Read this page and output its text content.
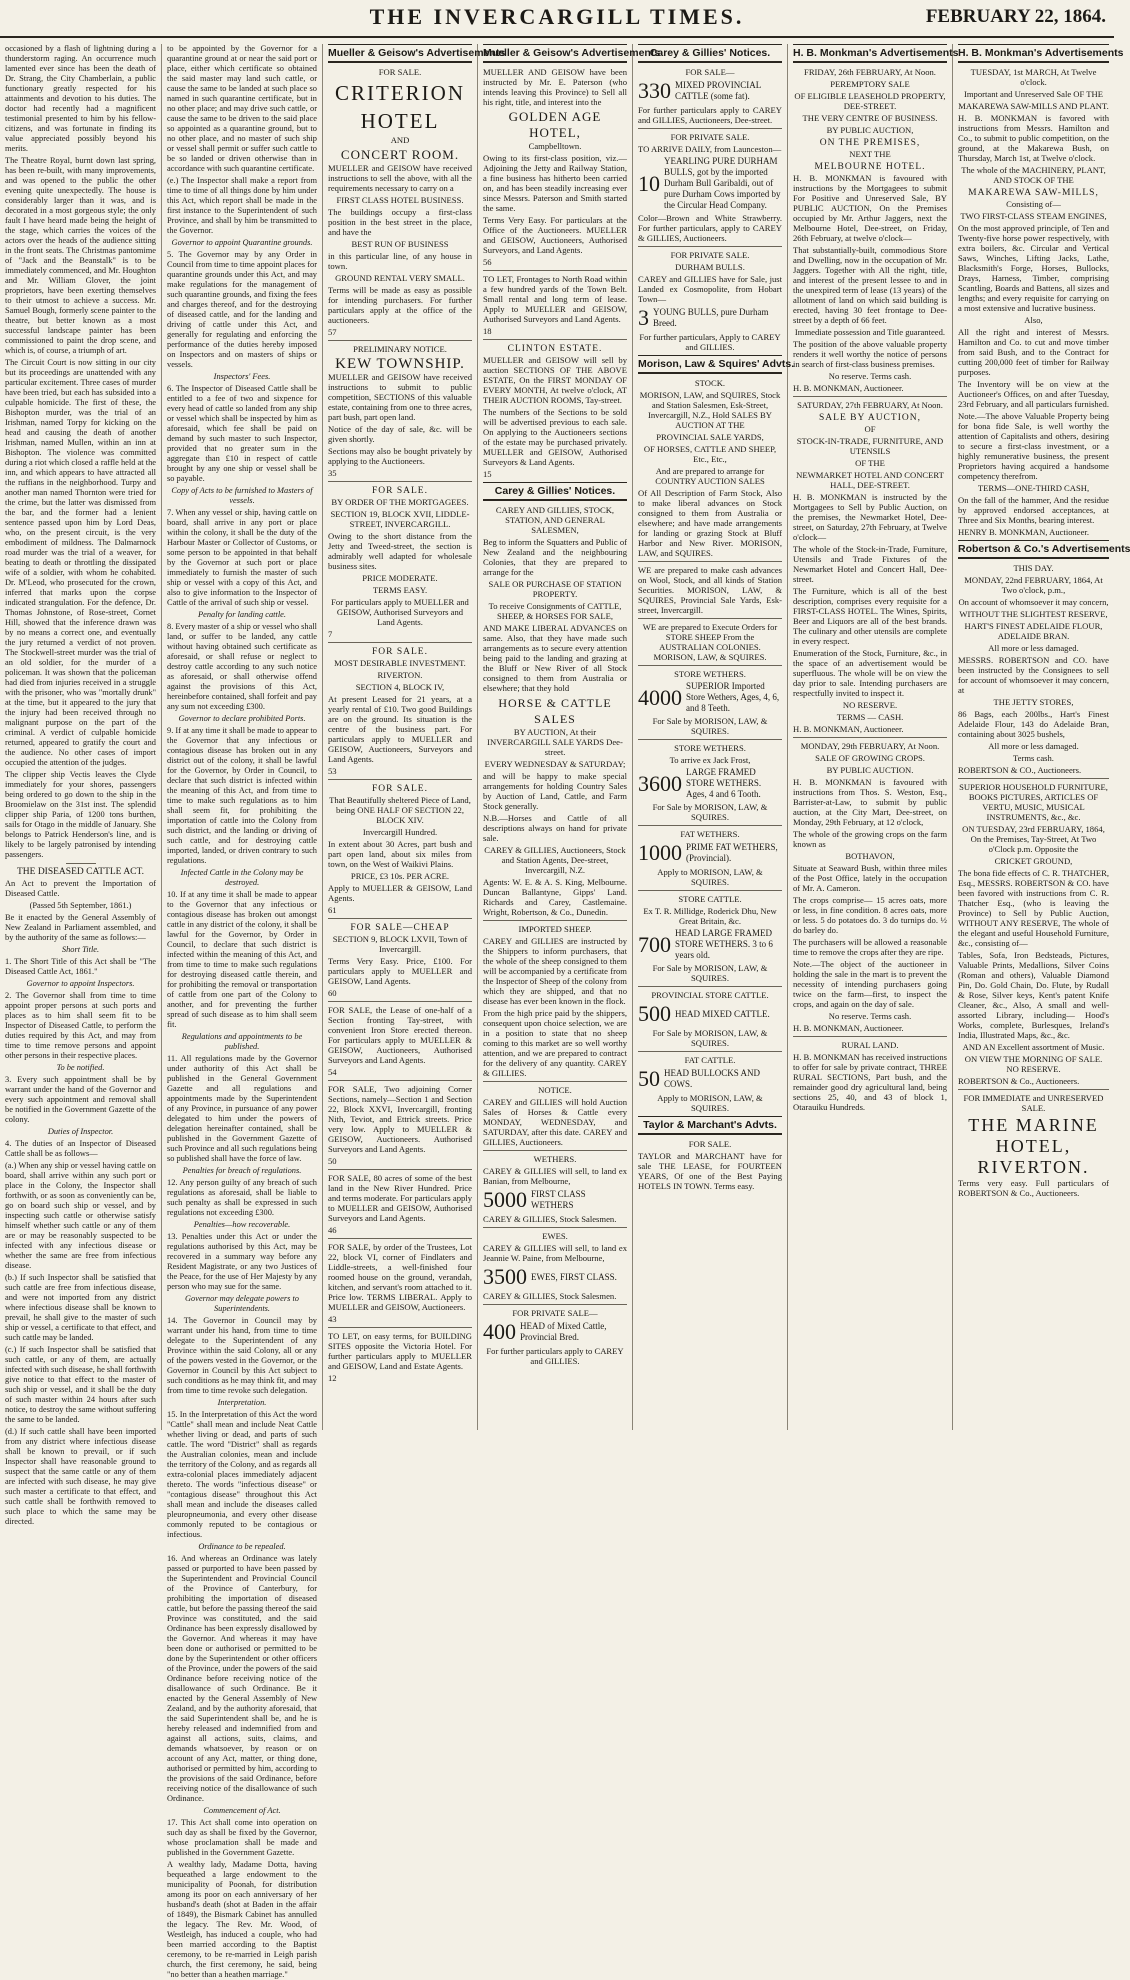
THE INVERCARGILL TIMES.	FEBRUARY 22, 1864.

occasioned by a flash of lightning during a thunderstorm raging. An occurrence much lamented ever since has been the death of Dr. Strang, the City Chamberlain, a public functionary greatly respected for his attainments and devotion to his duties. The doctor had recently had a magnificent testimonial presented to him by his fellow-citizens, and was fortunate in finding its value appreciated possibly beyond his merits.

The Theatre Royal, burnt down last spring, has been re-built, with many improvements, and was opened to the public the other evening quite unexpectedly. The house is considerably larger than it was, and is decorated in a most gorgeous style; the only fault I have heard made being the height of the stage, which carries the voices of the actors over the heads of the audience sitting in the front seats. The Christmas pantomime of "Jack and the Beanstalk" is to be immediately commenced, and Mr. Houghton and Mr. William Glover, the joint proprietors, have been exerting themselves to their utmost to achieve a success. Mr. Samuel Bough, formerly scene painter to the theatre, but better known as a most successful landscape painter has been commissioned to paint the drop scene, and which is, of course, a triumph of art.

The Circuit Court is now sitting in our city but its proceedings are unattended with any particular excitement. Three cases of murder have been tried, but each has subsided into a culpable homicide. The first of these, the Bishopton murder, was the trial of an Irishman, named Torpy for kicking on the head and causing the death of another Irishman, named Mullen, within an inn at Bishopton. The violence was committed during a riot which closed a raffle held at the inn, and which appears to have attracted all the ruffians in the neighborhood. Turpy and another man named Thornton were tried for the crime, but the latter was dismissed from the bar, and the former had a lenient sentence passed upon him by Lord Deas, who, on the present circuit, is the very embodiment of mildness. The Dalmarnock road murder was the trial of a weaver, for beating to death or throttling the dissipated wife of a soldier, with whom he cohabited. Dr. M'Leod, who prosecuted for the crown, inferred that marks upon the corpse indicated strangulation. For the defence, Dr. Thomas Johnstone, of Rose-street, Cornet Hill, showed that the inference drawn was by no means a correct one, and eventually the jury returned a verdict of not proven. The Stockwell-street murder was the trial of an old soldier, for the murder of a policeman. It was shown that the policeman had died from injuries received in a struggle with the prisoner, who was "mortally drunk" at the time, but it appeared to the jury that the injury had been received through no malignant purpose on the part of the criminal. A verdict of culpable homicide returned, appeared to gratify the court and the audience. No other cases of import occupied the attention of the judges.

The clipper ship Vectis leaves the Clyde immediately for your shores, passengers being ordered to go down to the ship in the Broomielaw on the 31st inst. The splendid clipper ship Paria, of 1200 tons burthen, sails for Otago in the middle of January. She belongs to Patrick Henderson's line, and is likely to be largely patronised by intending passengers.

THE DISEASED CATTLE ACT.

An Act to prevent the Importation of Diseased Cattle.

(Passed 5th September, 1861.)

Be it enacted by the General Assembly of New Zealand in Parliament assembled, and by the authority of the same as follows:—

Short Title.

1. The Short Title of this Act shall be "The Diseased Cattle Act, 1861."

Governor to appoint Inspectors.

2. The Governor shall from time to time appoint proper persons at such ports and places as to him shall seem fit to be Inspector of Diseased Cattle, to perform the duties required by this Act, and may from time to time remove persons and appoint other persons in their respective places.

To be notified.

3. Every such appointment shall be by warrant under the hand of the Governor and every such appointment and removal shall be notified in the Government Gazette of the colony.

Duties of Inspector.

4. The duties of an Inspector of Diseased Cattle shall be as follows—

(a.) When any ship or vessel having cattle on board, shall arrive within any such port or place in the Colony, the Inspector shall forthwith, or as soon as conveniently can be, go on board such ship or vessel, and by inspecting such cattle or otherwise satisfy himself whether such cattle or any of them are or may be reasonably suspected to be infected with any infectious disease or whether the same are free from infectious disease.

(b.) If such Inspector shall be satisfied that such cattle are free from infectious disease, and were not imported from any district where infectious disease shall be known to prevail, he shall give to the master of such ship or vessel, a certificate to that effect, and such cattle may be landed.

(c.) If such Inspector shall be satisfied that such cattle, or any of them, are actually infected with such disease, he shall forthwith give notice to that effect to the master of such ship or vessel, and it shall be the duty of such master within 24 hours after such notice, to destroy the same without suffering the same to be landed.

(d.) If such cattle shall have been imported from any district where infectious disease shall be known to prevail, or if such Inspector shall have reasonable ground to suspect that the same cattle or any of them are infected with such disease, he may give such master a certificate to that effect, and such cattle shall be forthwith removed to such place to which the same may be directed.

to be appointed by the Governor for a quarantine ground at or near the said port or place, either which certificate so obtained the said master may land such cattle, or cause the same to be landed at such place so named in such quarantine certificate, but in no other place; and may drive such cattle, or cause the same to be driven to the said place so appointed as a quarantine ground, but to no other place, and no master of such ship or vessel shall permit or suffer such cattle to be so landed or driven otherwise than in accordance with such quarantine certificate.

(e.) The Inspector shall make a report from time to time of all things done by him under this Act, which report shall be made in the first instance to the Superintendent of such Province, and shall by him be transmitted to the Governor.

Governor to appoint Quarantine grounds.

5. The Governor may by any Order in Council from time to time appoint places for quarantine grounds under this Act, and may make regulations for the management of such quarantine grounds, and fixing the fees and charges thereof, and for the destroying of diseased cattle, and for the landing and driving of cattle under this Act, and generally for regulating and enforcing the performance of the duties hereby imposed on Inspectors and on masters of ships or vessels.

Inspectors' Fees.

6. The Inspector of Diseased Cattle shall be entitled to a fee of two and sixpence for every head of cattle so landed from any ship or vessel which shall be inspected by him as aforesaid, which fee shall be paid on demand by such master to such Inspector, provided that no greater sum in the aggregate than £10 in respect of cattle brought by any one ship or vessel shall be so payable.

Copy of Acts to be furnished to Masters of vessels.

7. When any vessel or ship, having cattle on board, shall arrive in any port or place within the colony, it shall be the duty of the Harbour Master or Collector of Customs, or some person to be appointed in that behalf by the Governor at such port or place immediately to furnish the master of such ship or vessel with a copy of this Act, and also to give information to the Inspector of Cattle of the arrival of such ship or vessel.

Penalty for landing cattle.

8. Every master of a ship or vessel who shall land, or suffer to be landed, any cattle without having obtained such certificate as aforesaid, or shall refuse or neglect to destroy cattle according to any such notice as aforesaid, or shall otherwise offend against the provisions of this Act, hereinbefore contained, shall forfeit and pay any sum not exceeding £300.

Governor to declare prohibited Ports.

9. If at any time it shall be made to appear to the Governor that any infectious or contagious disease has broken out in any district out of the colony, it shall be lawful for the Governor, by Order in Council, to declare that such district is infected within the meaning of this Act, and from time to time to make such regulations as to him shall seem fit, for prohibiting the importation of cattle into the Colony from such district, and the landing or driving of such cattle, and for destroying cattle imported, landed, or driven contrary to such regulations.

Infected Cattle in the Colony may be destroyed.

10. If at any time it shall be made to appear to the Governor that any infectious or contagious disease has broken out amongst cattle in any district of the colony, it shall be lawful for the Governor, by Order in Council, to declare that such district is infected within the meaning of this Act, and from time to time to make such regulations for destroying diseased cattle therein, and for prohibiting the removal or transportation of cattle from one part of the Colony to another, and for preventing the further spread of such disease as to him shall seem fit.

Regulations and appointments to be published.

11. All regulations made by the Governor under authority of this Act shall be published in the General Government Gazette and all regulations and appointments made by the Superintendent of any Province, in pursuance of any power delegated to him under the powers of delegation hereinafter contained, shall be published in the Government Gazette of such Province and all such regulations being so published shall have the force of law.

Penalties for breach of regulations.

12. Any person guilty of any breach of such regulations as aforesaid, shall be liable to such penalty as shall be expressed in such regulations not exceeding £300.

Penalties—how recoverable.

13. Penalties under this Act or under the regulations authorised by this Act, may be recovered in a summary way before any Resident Magistrate, or any two Justices of the Peace, for the use of Her Majesty by any person who may sue for the same.

Governor may delegate powers to Superintendents.

14. The Governor in Council may by warrant under his hand, from time to time delegate to the Superintendent of any Province within the said Colony, all or any of the powers vested in the Governor, or the Governor in Council by this Act subject to such conditions as he may think fit, and may from time to time revoke such delegation.

Interpretation.

15. In the Interpretation of this Act the word "Cattle" shall mean and include Neat Cattle whether living or dead, and parts of such cattle. The word "District" shall as regards the Australian colonies, mean and include the territory of the Colony, and as regards all extra-colonial places immediately adjacent thereto. The words "infectious disease" or "contagious disease" throughout this Act shall mean and include the diseases called pleuropneumonia, and every other disease commonly reputed to be contagious or infectious.

Ordinance to be repealed.

16. And whereas an Ordinance was lately passed or purported to have been passed by the Superintendent and Provincial Council of the Province of Canterbury, for prohibiting the importation of diseased cattle, but before the passing thereof the said Province was constituted, and the said Ordinance has been expressly disallowed by the Governor. And whereas it may have been done or authorised or permitted to be done by the Superintendent or other officers of the Province, under the powers of the said Ordinance before receiving notice of the disallowance of such Ordinance. Be it enacted by the General Assembly of New Zealand, and by the authority aforesaid, that the said Superintendent shall be, and he is hereby released and indemnified from and against all actions, suits, claims, and demands whatsoever, by reason or on account of any Act, matter, or thing done, authorised or permitted by him, according to the provisions of the said Ordinance, before receiving notice of the disallowance of such Ordinance.

Commencement of Act.

17. This Act shall come into operation on such day as shall be fixed by the Governor, whose proclamation shall be made and published in the Government Gazette.

A wealthy lady, Madame Dotta, having bequeathed a large endowment to the municipality of Poonah, for distribution among its poor on each anniversary of her husband's death (shot at Baden in the affair of 1849), the Bismark Cabinet has annulled the legacy. The Rev. Mr. Wood, of Westleigh, has induced a couple, who had been married according to the Baptist ceremony, to be re-married in Leigh parish church, the first ceremony, he said, being "no better than a heathen marriage."

Mueller & Geisow's Advertisements

FOR SALE.

CRITERION HOTEL

AND

CONCERT ROOM.

MUELLER and GEISOW have received instructions to sell the above, with all the requirements necessary to carry on a

FIRST CLASS HOTEL BUSINESS.

The buildings occupy a first-class position in the best street in the place, and have the

BEST RUN OF BUSINESS

in this particular line, of any house in town.

GROUND RENTAL VERY SMALL.

Terms will be made as easy as possible for intending purchasers. For further particulars apply at the office of the auctioneers.

57

PRELIMINARY NOTICE.

KEW TOWNSHIP.

MUELLER and GEISOW have received instructions to submit to public competition, SECTIONS of this valuable estate, containing from one to three acres, part bush, part open land.

Notice of the day of sale, &c. will be given shortly.

Sections may also be bought privately by applying to the Auctioneers.

35

FOR SALE.

BY ORDER OF THE MORTGAGEES.

SECTION 19, BLOCK XVII, LIDDLE-STREET, INVERCARGILL.

Owing to the short distance from the Jetty and Tweed-street, the section is admirably well adapted for wholesale business sites.

PRICE MODERATE.

TERMS EASY.

For particulars apply to MUELLER and GEISOW, Authorised Surveyors and Land Agents.

7

FOR SALE.

MOST DESIRABLE INVESTMENT.

RIVERTON.

SECTION 4, BLOCK IV,

At present Leased for 21 years, at a yearly rental of £10. Two good Buildings are on the ground. Its situation is the centre of the business part. For particulars apply to MUELLER and GEISOW, Auctioneers, Surveyors and Land Agents.

53

FOR SALE.

That Beautifully sheltered Piece of Land, being ONE HALF OF SECTION 22, BLOCK XIV.

Invercargill Hundred.

In extent about 30 Acres, part bush and part open land, about six miles from town, on the West of Waikivi Plains.

PRICE, £3 10s. PER ACRE.

Apply to MUELLER & GEISOW, Land Agents.

61

FOR SALE—CHEAP

SECTION 9, BLOCK LXVII, Town of Invercargill.

Terms Very Easy. Price, £100. For particulars apply to MUELLER and GEISOW, Land Agents.

60

FOR SALE, the Lease of one-half of a Section fronting Tay-street, with convenient Iron Store erected thereon. For particulars apply to MUELLER & GEISOW, Auctioneers, Authorised Surveyors and Land Agents.

54

FOR SALE, Two adjoining Corner Sections, namely—Section 1 and Section 22, Block XXVI, Invercargill, fronting Nith, Teviot, and Ettrick streets. Price very low. Apply to MUELLER & GEISOW, Auctioneers. Authorised Surveyors and Land Agents.

50

FOR SALE, 80 acres of some of the best land in the New River Hundred. Price and terms moderate. For particulars apply to MUELLER and GEISOW, Authorised Surveyors and Land Agents.

46

FOR SALE, by order of the Trustees, Lot 22, block VI, corner of Findlaters and Liddle-streets, a well-finished four roomed house on the ground, verandah, kitchen, and servant's room attached to it. Price low. TERMS LIBERAL. Apply to MUELLER and GEISOW, Auctioneers.

43

TO LET, on easy terms, for BUILDING SITES opposite the Victoria Hotel. For further particulars apply to MUELLER and GEISOW, Land and Estate Agents.

12

Mueller & Geisow's Advertisements

MUELLER AND GEISOW have been instructed by Mr. E. Paterson (who intends leaving this Province) to Sell all his right, title, and interest into the

GOLDEN AGE HOTEL,

Campbelltown.

Owing to its first-class position, viz.—Adjoining the Jetty and Railway Station, a fine business has hitherto been carried on, and has been steadily increasing ever since Messrs. Paterson and Smith started the same.

Terms Very Easy. For particulars at the Office of the Auctioneers. MUELLER and GEISOW, Auctioneers, Authorised Surveyors, and Land Agents.

56

TO LET, Frontages to North Road within a few hundred yards of the Town Belt. Small rental and long term of lease. Apply to MUELLER and GEISOW, Authorised Surveyors and Land Agents.

18

CLINTON ESTATE.

MUELLER and GEISOW will sell by auction SECTIONS OF THE ABOVE ESTATE, On the FIRST MONDAY OF EVERY MONTH, At twelve o'clock, AT THEIR AUCTION ROOMS, Tay-street.

The numbers of the Sections to be sold will be advertised previous to each sale. On applying to the Auctioneers sections of the estate may be purchased privately. MUELLER and GEISOW, Authorised Surveyors & Land Agents.

15

Carey & Gillies' Notices.

CAREY AND GILLIES, STOCK, STATION, AND GENERAL SALESMEN,

Beg to inform the Squatters and Public of New Zealand and the neighbouring Colonies, that they are prepared to arrange for the

SALE OR PURCHASE OF STATION PROPERTY.

To receive Consignments of CATTLE, SHEEP, & HORSES FOR SALE,

AND MAKE LIBERAL ADVANCES on same. Also, that they have made such arrangements as to secure every attention being paid to the landing and grazing at the Bluff or New River of all Stock consigned to them from Australia or elsewhere; that they hold

HORSE & CATTLE SALES

BY AUCTION, At their INVERCARGILL SALE YARDS Dee-street.

EVERY WEDNESDAY & SATURDAY;

and will be happy to make special arrangements for holding Country Sales by Auction of Land, Cattle, and Farm Stock generally.

N.B.—Horses and Cattle of all descriptions always on hand for private sale.

CAREY & GILLIES, Auctioneers, Stock and Station Agents, Dee-street, Invercargill, N.Z.

Agents: W. E. & A. S. King, Melbourne. Duncan Ballantyne, Gipps' Land. Richards and Carey, Castlemaine. Wright, Robertson, & Co., Dunedin.

IMPORTED SHEEP.

CAREY and GILLIES are instructed by the Shippers to inform purchasers, that the whole of the sheep consigned to them will be accompanied by a certificate from the Inspector of Sheep of the colony from which they are shipped, and that no disease has ever been known in the flock.

From the high price paid by the shippers, consequent upon choice selection, we are in a position to state that no sheep coming to this market are so well worthy attention, and we are prepared to contract for the delivery of any quantity. CAREY & GILLIES.

NOTICE.

CAREY and GILLIES will hold Auction Sales of Horses & Cattle every MONDAY, WEDNESDAY, and SATURDAY, after this date. CAREY and GILLIES, Auctioneers.

WETHERS.

CAREY & GILLIES will sell, to land ex Banian, from Melbourne,

5000 FIRST CLASS WETHERS

CAREY & GILLIES, Stock Salesmen.

EWES.

CAREY & GILLIES will sell, to land ex Jeannie W. Paine, from Melbourne,

3500 EWES, FIRST CLASS.

CAREY & GILLIES, Stock Salesmen.

FOR PRIVATE SALE—

400 HEAD of Mixed Cattle, Provincial Bred.

For further particulars apply to CAREY and GILLIES.

Carey & Gillies' Notices.

FOR SALE—

330 MIXED PROVINCIAL CATTLE (some fat).

For further particulars apply to CAREY and GILLIES, Auctioneers, Dee-street.

FOR PRIVATE SALE.

TO ARRIVE DAILY, from Launceston—

10
YEARLING PURE DURHAM BULLS, got by the imported Durham Bull Garibaldi, out of pure Durham Cows imported by the Circular Head Company.

Color—Brown and White Strawberry. For further particulars, apply to CAREY & GILLIES, Auctioneers.

FOR PRIVATE SALE.

DURHAM BULLS.

CAREY and GILLIES have for Sale, just Landed ex Cosmopolite, from Hobart Town—

3 YOUNG BULLS, pure Durham Breed.

For further particulars, Apply to CAREY and GILLIES.

Morison, Law & Squires' Advts.

STOCK.

MORISON, LAW, and SQUIRES, Stock and Station Salesmen, Esk-Street, Invercargill, N.Z., Hold SALES BY AUCTION AT THE

PROVINCIAL SALE YARDS,

OF HORSES, CATTLE AND SHEEP, Etc., Etc.,

And are prepared to arrange for COUNTRY AUCTION SALES

Of All Description of Farm Stock, Also to make liberal advances on Stock consigned to them from Australia or elsewhere; and have made arrangements for landing or grazing Stock at Bluff Harbor and New River. MORISON, LAW, and SQUIRES.

WE are prepared to make cash advances on Wool, Stock, and all kinds of Station Securities. MORISON, LAW, & SQUIRES, Provincial Sale Yards, Esk-street, Invercargill.

WE are prepared to Execute Orders for STORE SHEEP From the AUSTRALIAN COLONIES. MORISON, LAW, & SQUIRES.

STORE WETHERS.

4000 SUPERIOR Imported Store Wethers, Ages, 4, 6, and 8 Teeth.

For Sale by MORISON, LAW, & SQUIRES.

STORE WETHERS.

To arrive ex Jack Frost,

3600 LARGE FRAMED STORE WETHERS. Ages, 4 and 6 Tooth.

For Sale by MORISON, LAW, & SQUIRES.

FAT WETHERS.

1000 PRIME FAT WETHERS, (Provincial).

Apply to MORISON, LAW, & SQUIRES.

STORE CATTLE.

Ex T. R. Millidge, Roderick Dhu, New Great Britain, &c.

700 HEAD LARGE FRAMED STORE WETHERS. 3 to 6 years old.

For Sale by MORISON, LAW, & SQUIRES.

PROVINCIAL STORE CATTLE.

500 HEAD MIXED CATTLE.

For Sale by MORISON, LAW, & SQUIRES.

FAT CATTLE.

50 HEAD BULLOCKS AND COWS.

Apply to MORISON, LAW, & SQUIRES.

Taylor & Marchant's Advts.

FOR SALE.

TAYLOR and MARCHANT have for sale THE LEASE, for FOURTEEN YEARS, Of one of the Best Paying HOTELS IN TOWN. Terms easy.

H. B. Monkman's Advertisements

FRIDAY, 26th FEBRUARY, At Noon.

PEREMPTORY SALE

OF ELIGIBLE LEASEHOLD PROPERTY, DEE-STREET.

THE VERY CENTRE OF BUSINESS.

BY PUBLIC AUCTION,

ON THE PREMISES,

NEXT THE

MELBOURNE HOTEL.

H. B. MONKMAN is favoured with instructions by the Mortgagees to submit For Positive and Unreserved Sale, BY PUBLIC AUCTION, On the Premises occupied by Mr. Arthur Jaggers, next the Melbourne Hotel, Dee-street, on Friday, 26th February, at twelve o'clock—

That substantially-built, commodious Store and Dwelling, now in the occupation of Mr. Jaggers. Together with All the right, title, and interest of the present lessee to and in the unexpired term of lease (13 years) of the allotment of land on which said building is erected, having 30 feet frontage to Dee-street by a depth of 66 feet.

Immediate possession and Title guaranteed.

The position of the above valuable property renders it well worthy the notice of persons in search of first-class business premises.

No reserve. Terms cash.

H. B. MONKMAN, Auctioneer.

SATURDAY, 27th FEBRUARY, At Noon.

SALE BY AUCTION,

OF

STOCK-IN-TRADE, FURNITURE, AND UTENSILS

OF THE

NEWMARKET HOTEL AND CONCERT HALL, DEE-STREET.

H. B. MONKMAN is instructed by the Mortgagees to Sell by Public Auction, on the premises, the Newmarket Hotel, Dee-street, on Saturday, 27th February, at Twelve o'clock—

The whole of the Stock-in-Trade, Furniture, Utensils and Trade Fixtures of the Newmarket Hotel and Concert Hall, Dee-street.

The Furniture, which is all of the best description, comprises every requisite for a FIRST-CLASS HOTEL. The Wines, Spirits, Beer and Liquors are all of the best brands. The culinary and other utensils are complete in every respect.

Enumeration of the Stock, Furniture, &c., in the space of an advertisement would be superfluous. The whole will be on view the day prior to sale. Intending purchasers are respectfully invited to inspect it.

NO RESERVE.

TERMS — CASH.

H. B. MONKMAN, Auctioneer.

MONDAY, 29th FEBRUARY, At Noon.

SALE OF GROWING CROPS.

BY PUBLIC AUCTION.

H. B. MONKMAN is favoured with instructions from Thos. S. Weston, Esq., Barrister-at-Law, to submit by public auction, at the City Mart, Dee-street, on Monday, 29th February, at 12 o'clock,

The whole of the growing crops on the farm known as

BOTHAVON,

Situate at Seaward Bush, within three miles of the Post Office, lately in the occupation of Mr. A. Cameron.

The crops comprise— 15 acres oats, more or less, in fine condition. 8 acres oats, more or less. 5 do potatoes do. 3 do turnips do. ½ do barley do.

The purchasers will be allowed a reasonable time to remove the crops after they are ripe.

Note.—The object of the auctioneer in holding the sale in the mart is to prevent the necessity of intending purchasers going twice on the farm—first, to inspect the crops, and again on the day of sale.

No reserve. Terms cash.

H. B. MONKMAN, Auctioneer.

RURAL LAND.

H. B. MONKMAN has received instructions to offer for sale by private contract, THREE RURAL SECTIONS, Part bush, and the remainder good dry agricultural land, being sections 25, 40, and 43 of block 1, Otarauiku Hundreds.

H. B. Monkman's Advertisements

TUESDAY, 1st MARCH, At Twelve o'clock.

Important and Unreserved Sale OF THE

MAKAREWA SAW-MILLS AND PLANT.

H. B. MONKMAN is favored with instructions from Messrs. Hamilton and Co., to submit to public competition, on the ground, at the Makarewa Bush, on Thursday, March 1st, at Twelve o'clock.

The whole of the MACHINERY, PLANT, AND STOCK OF THE

MAKAREWA SAW-MILLS,

Consisting of—

TWO FIRST-CLASS STEAM ENGINES,

On the most approved principle, of Ten and Twenty-five horse power respectively, with extra boilers, &c. Circular and Vertical Saws, Winches, Lifting Jacks, Lathe, Blacksmith's Forge, Horses, Bullocks, Drays, Harness, Timber, comprising Scantling, Boards and Battens, all sizes and lengths; and every requisite for carrying on a most extensive and lucrative business.

Also,

All the right and interest of Messrs. Hamilton and Co. to cut and move timber from said Bush, and to the Contract for cutting 200,000 feet of timber for Railway purposes.

The Inventory will be on view at the Auctioneer's Offices, on and after Tuesday, 23rd February, and all particulars furnished.

Note.—The above Valuable Property being for bona fide Sale, is well worthy the attention of Capitalists and others, desiring to secure a first-class investment, or a highly remunerative business, the present Proprietors having acquired a handsome competency therefrom.

TERMS—ONE-THIRD CASH,

On the fall of the hammer, And the residue by approved endorsed acceptances, at Three and Six Months, bearing interest.

HENRY B. MONKMAN, Auctioneer.

Robertson & Co.'s Advertisements

THIS DAY.

MONDAY, 22nd FEBRUARY, 1864, At Two o'clock, p.m.,

On account of whomsoever it may concern,

WITHOUT THE SLIGHTEST RESERVE,

HART'S FINEST ADELAIDE FLOUR, ADELAIDE BRAN.

All more or less damaged.

MESSRS. ROBERTSON and CO. have been instructed by the Consignees to sell for account of whomsoever it may concern, at

THE JETTY STORES,

86 Bags, each 200lbs., Hart's Finest Adelaide Flour, 143 do Adelaide Bran, containing about 3025 bushels,

All more or less damaged.

Terms cash.

ROBERTSON & CO., Auctioneers.

SUPERIOR HOUSEHOLD FURNITURE, BOOKS PICTURES, ARTICLES OF VERTU, MUSIC, MUSICAL INSTRUMENTS, &c., &c.

ON TUESDAY, 23rd FEBRUARY, 1864, On the Premises, Tay-Street, At Two o'Clock p.m. Opposite the

CRICKET GROUND,

The bona fide effects of C. R. THATCHER, Esq., MESSRS. ROBERTSON & CO. have been favored with instructions from C. R. Thatcher Esq., (who is leaving the Province) to Sell by Public Auction, WITHOUT ANY RESERVE, The whole of the elegant and useful Household Furniture, &c., consisting of—

Tables, Sofa, Iron Bedsteads, Pictures, Valuable Prints, Medallions, Silver Coins (Roman and others), Valuable Diamond Pin, Do. Gold Chain, Do. Flute, by Rudall & Rose, Silver keys, Kent's patent Knife Cleaner, &c., Also, A small and well-assorted Library, including— Hood's Works, complete, Burlesques, Ireland's India, Illustrated Maps, &c., &c.

AND AN Excellent assortment of Music.

ON VIEW THE MORNING OF SALE. NO RESERVE.

ROBERTSON & Co., Auctioneers.

FOR IMMEDIATE and UNRESERVED SALE.

THE MARINE HOTEL, RIVERTON.

Terms very easy. Full particulars of ROBERTSON & Co., Auctioneers.
